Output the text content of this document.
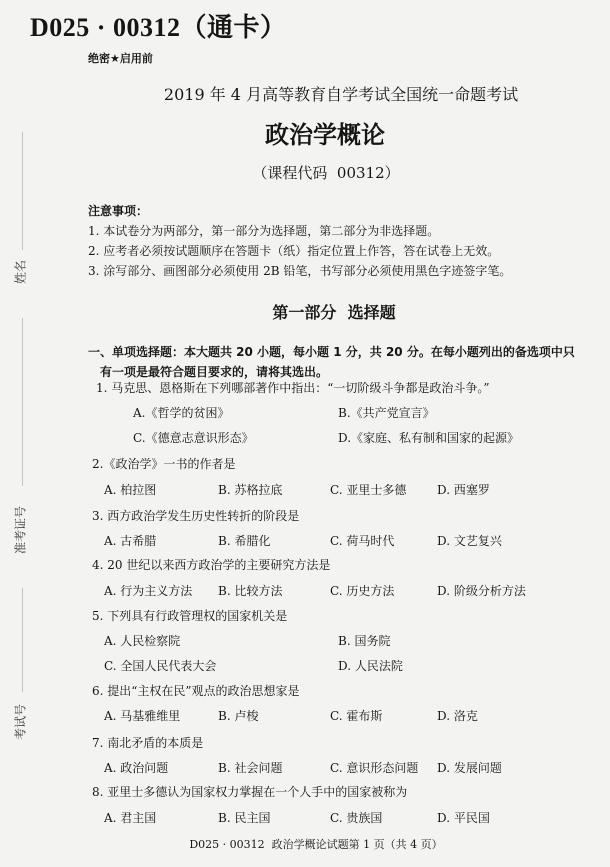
姓名
准考证号
考试号
D025 · 00312（通卡）
绝密★启用前
2019 年 4 月高等教育自学考试全国统一命题考试
政治学概论
（课程代码  00312）
注意事项：
1. 本试卷分为两部分，第一部分为选择题，第二部分为非选择题。
2. 应考者必须按试题顺序在答题卡（纸）指定位置上作答，答在试卷上无效。
3. 涂写部分、画图部分必须使用 2B 铅笔，书写部分必须使用黑色字迹签字笔。
第一部分  选择题
一、单项选择题：本大题共 20 小题，每小题 1 分，共 20 分。在每小题列出的备选项中只有一项是最符合题目要求的，请将其选出。
1. 马克思、恩格斯在下列哪部著作中指出：“一切阶级斗争都是政治斗争。”
A.《哲学的贫困》	B.《共产党宣言》
C.《德意志意识形态》	D.《家庭、私有制和国家的起源》
2.《政治学》一书的作者是
A. 柏拉图	B. 苏格拉底	C. 亚里士多德	D. 西塞罗
3. 西方政治学发生历史性转折的阶段是
A. 古希腊	B. 希腊化	C. 荷马时代	D. 文艺复兴
4. 20 世纪以来西方政治学的主要研究方法是
A. 行为主义方法 B. 比较方法	C. 历史方法	D. 阶级分析方法
5. 下列具有行政管理权的国家机关是
A. 人民检察院	B. 国务院
C. 全国人民代表大会	D. 人民法院
6. 提出“主权在民”观点的政治思想家是
A. 马基雅维里	B. 卢梭	C. 霍布斯	D. 洛克
7. 南北矛盾的本质是
A. 政治问题	B. 社会问题	C. 意识形态问题 D. 发展问题
8. 亚里士多德认为国家权力掌握在一个人手中的国家被称为
A. 君主国	B. 民主国	C. 贵族国	D. 平民国
D025 · 00312  政治学概论试题第 1 页（共 4 页）
